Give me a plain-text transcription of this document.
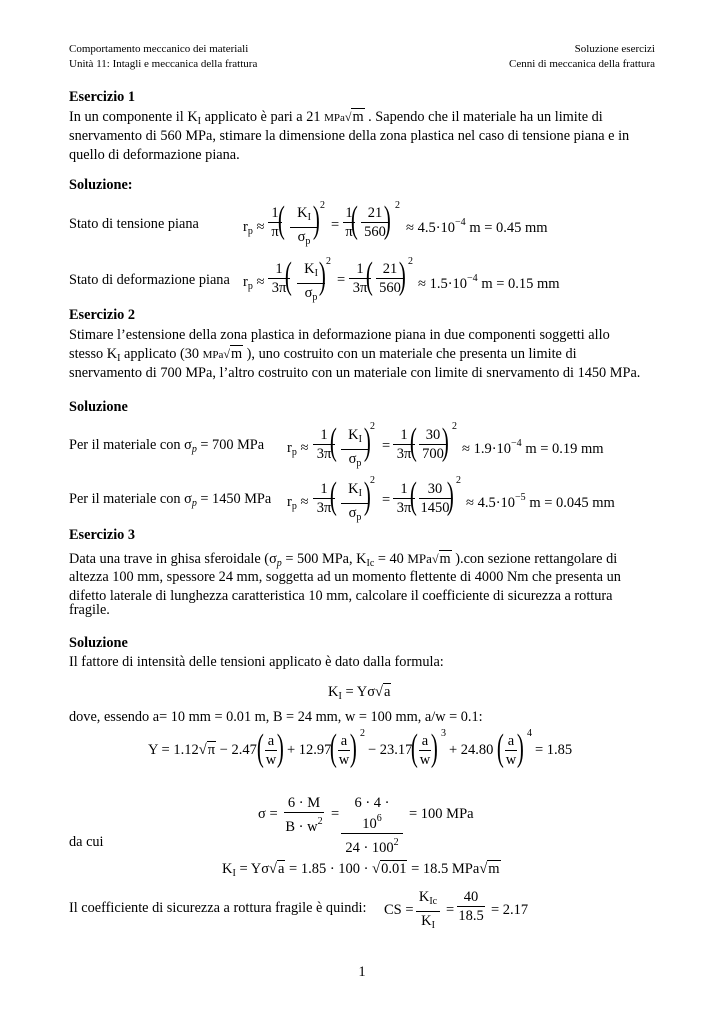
Comportamento meccanico dei materiali
Unità 11: Intagli e meccanica della frattura
Soluzione esercizi
Cenni di meccanica della frattura
Esercizio 1
In un componente il $K_I$ applicato è pari a 21 MPa√m . Sapendo che il materiale ha un limite di
snervamento di 560 MPa, stimare la dimensione della zona plastica nel caso di tensione piana e in
quello di deformazione piana.
Soluzione:
Stato di tensione piana	$r_p \approx \frac{1}{\pi}$
( $\frac{K_I}{\sigma_p}$
) 2
= $\frac{1}{\pi}$
( $\frac{21}{560}$
) 2
≈ $4.5\cdot 10^{-4}$ m = 0.45 mm
Stato di deformazione piana $r_p \approx \frac{1}{3\pi}$
( $\frac{K_I}{\sigma_p}$
) 2
= $\frac{1}{3\pi}$
( $\frac{21}{560}$
) 2
≈ $1.5\cdot 10^{-4}$ m = 0.15 mm
Esercizio 2
Stimare l’estensione della zona plastica in deformazione piana in due componenti soggetti allo
stesso $K_I$ applicato (30 MPa√m ), uno costruito con un materiale che presenta un limite di
snervamento di 700 MPa, l’altro costruito con un materiale con limite di snervamento di 1450 MPa.
Soluzione
Per il materiale con $\sigma_p = 700$ MPa $r_p \approx \frac{1}{3\pi}$
( $\frac{K_I}{\sigma_p}$
) 2
= $\frac{1}{3\pi}$
( $\frac{30}{700}$
) 2
≈ $1.9\cdot 10^{-4}$ m = 0.19 mm
Per il materiale con $\sigma_p = 1450$ MPa $r_p \approx \frac{1}{3\pi}$
( $\frac{K_I}{\sigma_p}$
) 2
= $\frac{1}{3\pi}$
( $\frac{30}{1450}$
) 2
≈ $4.5\cdot 10^{-5}$ m = 0.045 mm
Esercizio 3
Data una trave in ghisa sferoidale ($\sigma_p = 500$ MPa, $K_{Ic} = 40$ MPa√m ).con sezione rettangolare di
altezza 100 mm, spessore 24 mm, soggetta ad un momento flettente di 4000 Nm che presenta un
difetto laterale di lunghezza caratteristica 10 mm, calcolare il coefficiente di sicurezza a rottura
fragile.
Soluzione
Il fattore di intensità delle tensioni applicato è dato dalla formula:
$K_I = Y\sigma√a$
dove, essendo a= 10 mm = 0.01 m, B = 24 mm, w = 100 mm, a/w = 0.1:
Y = 1.12√π − 2.47 ( $\frac{a}{w}$ ) + 12.97
( $\frac{a}{w}$ ) 2
− 23.17
( $\frac{a}{w}$ ) 3
+ 24.80 ( $\frac{a}{w}$ ) 4
= 1.85
$\sigma = \frac{6 \cdot M}{B \cdot w^2} = \frac{6 \cdot 4 \cdot 10^6}{24 \cdot 100^2} = 100$ MPa
da cui
$K_I = Y\sigma√a = 1.85 \cdot 100 \cdot √0.01 = 18.5$ MPa√m
Il coefficiente di sicurezza a rottura fragile è quindi: CS =
$K_{Ic}$
$K_I$
= $\frac{40}{18.5} = 2.17$
1
